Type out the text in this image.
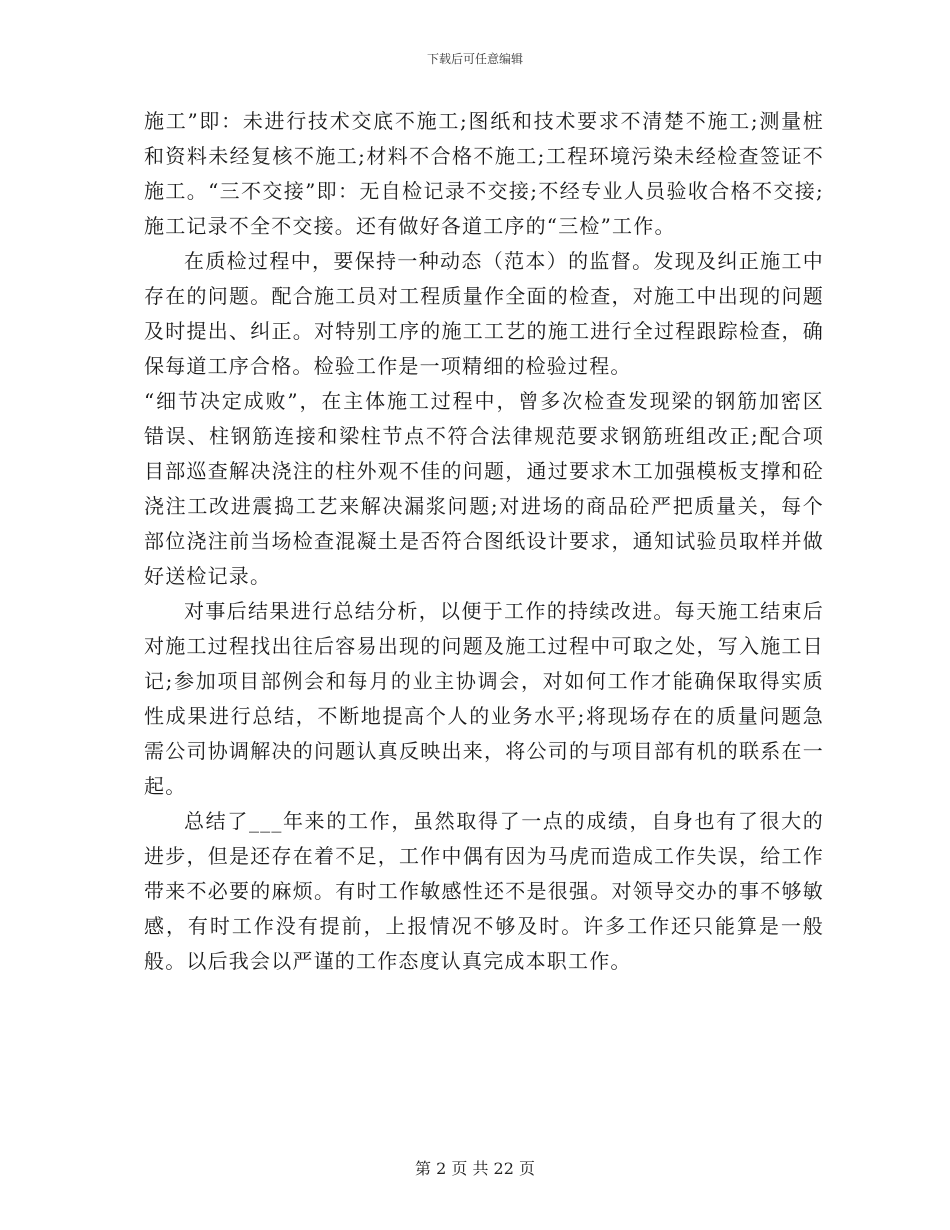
下载后可任意编辑

施工”即：未进行技术交底不施工;图纸和技术要求不清楚不施工;测量桩和资料未经复核不施工;材料不合格不施工;工程环境污染未经检查签证不施工。“三不交接”即：无自检记录不交接;不经专业人员验收合格不交接;施工记录不全不交接。还有做好各道工序的“三检”工作。

在质检过程中，要保持一种动态（范本）的监督。发现及纠正施工中存在的问题。配合施工员对工程质量作全面的检查，对施工中出现的问题及时提出、纠正。对特别工序的施工工艺的施工进行全过程跟踪检查，确保每道工序合格。检验工作是一项精细的检验过程。

“细节决定成败”，在主体施工过程中，曾多次检查发现梁的钢筋加密区错误、柱钢筋连接和梁柱节点不符合法律规范要求钢筋班组改正;配合项目部巡查解决浇注的柱外观不佳的问题，通过要求木工加强模板支撑和砼浇注工改进震捣工艺来解决漏浆问题;对进场的商品砼严把质量关，每个部位浇注前当场检查混凝土是否符合图纸设计要求，通知试验员取样并做好送检记录。

对事后结果进行总结分析，以便于工作的持续改进。每天施工结束后对施工过程找出往后容易出现的问题及施工过程中可取之处，写入施工日记;参加项目部例会和每月的业主协调会，对如何工作才能确保取得实质性成果进行总结，不断地提高个人的业务水平;将现场存在的质量问题急需公司协调解决的问题认真反映出来，将公司的与项目部有机的联系在一起。

总结了___年来的工作，虽然取得了一点的成绩，自身也有了很大的进步，但是还存在着不足，工作中偶有因为马虎而造成工作失误，给工作带来不必要的麻烦。有时工作敏感性还不是很强。对领导交办的事不够敏感，有时工作没有提前，上报情况不够及时。许多工作还只能算是一般般。以后我会以严谨的工作态度认真完成本职工作。

第 2 页 共 22 页
